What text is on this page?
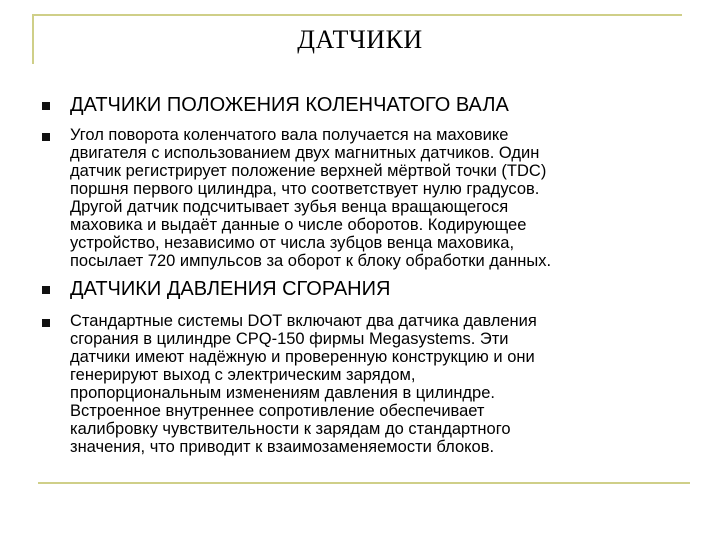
ДАТЧИКИ
ДАТЧИКИ ПОЛОЖЕНИЯ КОЛЕНЧАТОГО ВАЛА
Угол поворота коленчатого вала получается на маховике
двигателя с использованием двух магнитных датчиков. Один
датчик регистрирует положение верхней мёртвой точки (TDC)
поршня первого цилиндра, что соответствует нулю градусов.
Другой датчик подсчитывает зубья венца вращающегося
маховика и выдаёт данные о числе оборотов. Кодирующее
устройство, независимо от числа зубцов венца маховика,
посылает 720 импульсов за оборот к блоку обработки данных.
ДАТЧИКИ ДАВЛЕНИЯ СГОРАНИЯ
Стандартные системы DOT включают два датчика давления
сгорания в цилиндре CPQ-150 фирмы Megasystems. Эти
датчики имеют надёжную и проверенную конструкцию и они
генерируют выход с электрическим зарядом,
пропорциональным изменениям давления в цилиндре.
Встроенное внутреннее сопротивление обеспечивает
калибровку чувствительности к зарядам до стандартного
значения, что приводит к взаимозаменяемости блоков.
